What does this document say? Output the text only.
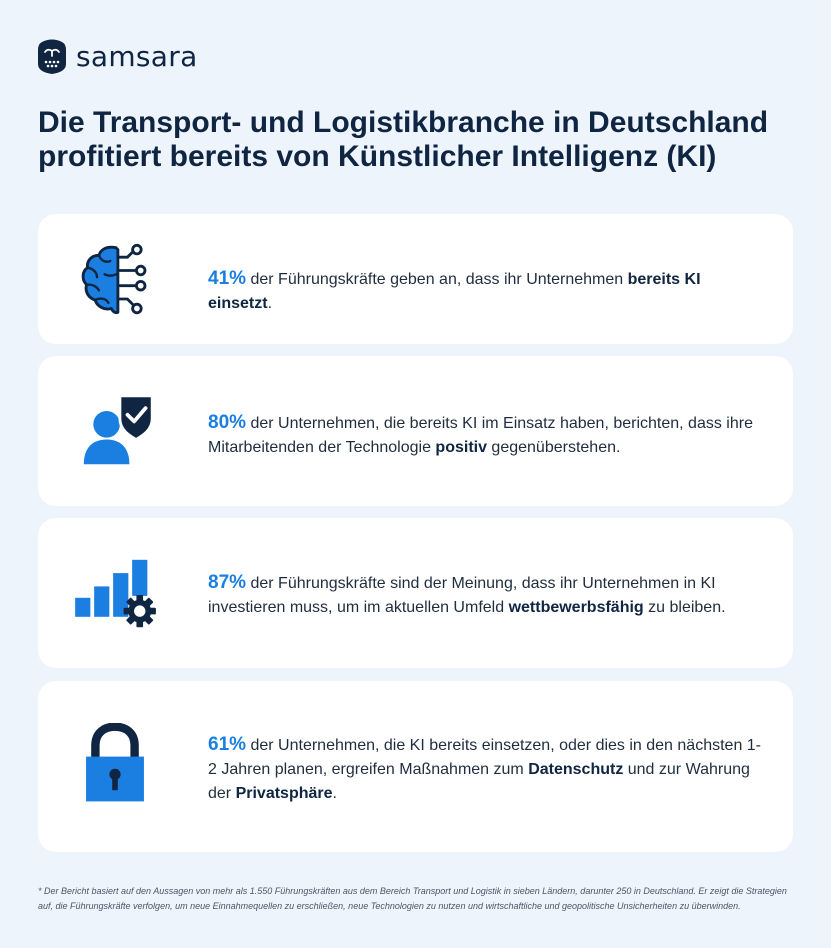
samsara
Die Transport- und Logistikbranche in Deutschland profitiert bereits von Künstlicher Intelligenz (KI)
41% der Führungskräfte geben an, dass ihr Unternehmen bereits KI einsetzt.
80% der Unternehmen, die bereits KI im Einsatz haben, berichten, dass ihre Mitarbeitenden der Technologie positiv gegenüberstehen.
87% der Führungskräfte sind der Meinung, dass ihr Unternehmen in KI investieren muss, um im aktuellen Umfeld wettbewerbsfähig zu bleiben.
61% der Unternehmen, die KI bereits einsetzen, oder dies in den nächsten 1-2 Jahren planen, ergreifen Maßnahmen zum Datenschutz und zur Wahrung der Privatsphäre.

* Der Bericht basiert auf den Aussagen von mehr als 1.550 Führungskräften aus dem Bereich Transport und Logistik in sieben Ländern, darunter 250 in Deutschland. Er zeigt die Strategien auf, die Führungskräfte verfolgen, um neue Einnahmequellen zu erschließen, neue Technologien zu nutzen und wirtschaftliche und geopolitische Unsicherheiten zu überwinden.
